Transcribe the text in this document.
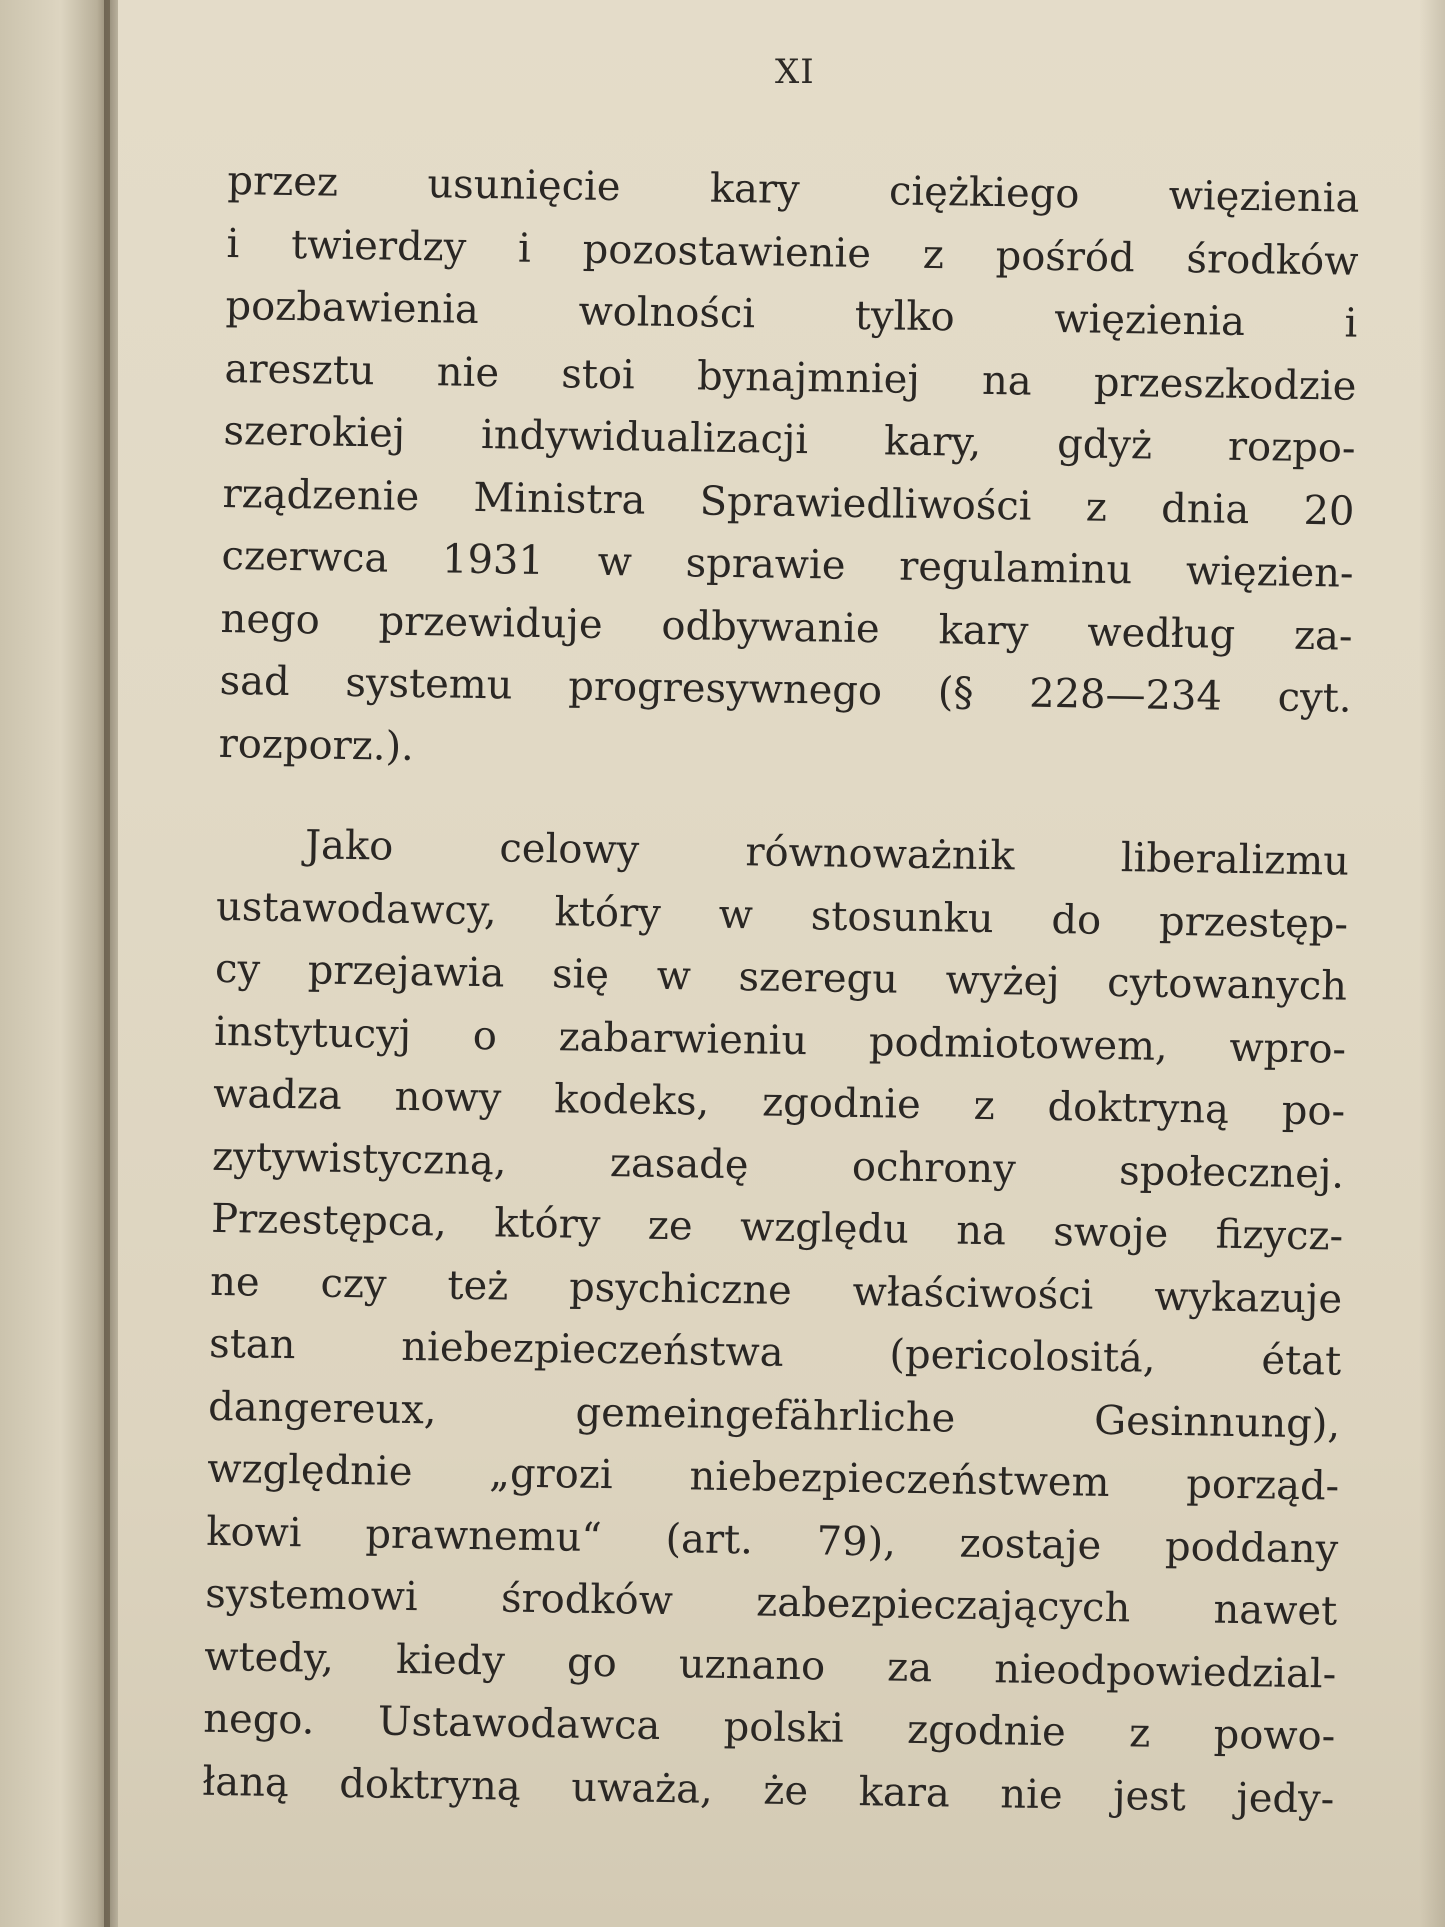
XI
przez usunięcie kary ciężkiego więzienia
i twierdzy i pozostawienie z pośród środków
pozbawienia wolności tylko więzienia i
aresztu nie stoi bynajmniej na przeszkodzie
szerokiej indywidualizacji kary, gdyż rozpo-
rządzenie Ministra Sprawiedliwości z dnia 20
czerwca 1931 w sprawie regulaminu więzien-
nego przewiduje odbywanie kary według za-
sad systemu progresywnego (§ 228—234 cyt.
rozporz.).
Jako celowy równoważnik liberalizmu
ustawodawcy, który w stosunku do przestęp-
cy przejawia się w szeregu wyżej cytowanych
instytucyj o zabarwieniu podmiotowem, wpro-
wadza nowy kodeks, zgodnie z doktryną po-
zytywistyczną, zasadę ochrony społecznej.
Przestępca, który ze względu na swoje fizycz-
ne czy też psychiczne właściwości wykazuje
stan niebezpieczeństwa (pericolositá, état
dangereux, gemeingefährliche Gesinnung),
względnie „grozi niebezpieczeństwem porząd-
kowi prawnemu“ (art. 79), zostaje poddany
systemowi środków zabezpieczających nawet
wtedy, kiedy go uznano za nieodpowiedzial-
nego. Ustawodawca polski zgodnie z powo-
łaną doktryną uważa, że kara nie jest jedy-
